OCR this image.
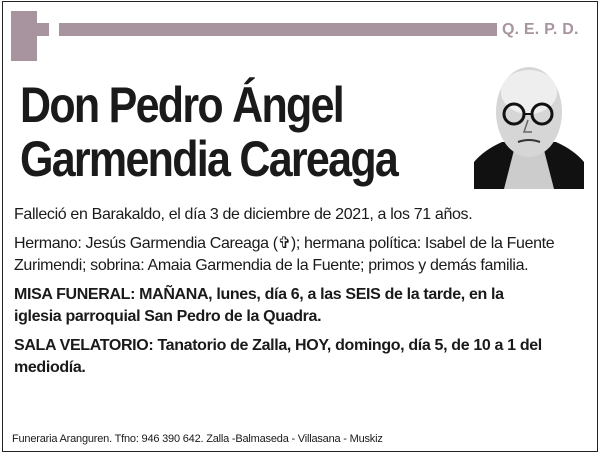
Q. E. P. D.
Don Pedro Ángel
Garmendia Careaga

Falleció en Barakaldo, el día 3 de diciembre de 2021, a los 71 años.

Hermano: Jesús Garmendia Careaga (✞); hermana política: Isabel de la Fuente
Zurimendi; sobrina: Amaia Garmendia de la Fuente; primos y demás familia.
MISA FUNERAL: MAÑANA, lunes, día 6, a las SEIS de la tarde, en la
iglesia parroquial San Pedro de la Quadra.
SALA VELATORIO: Tanatorio de Zalla, HOY, domingo, día 5, de 10 a 1 del
mediodía.
Funeraria Aranguren. Tfno: 946 390 642. Zalla -Balmaseda - Villasana - Muskiz
